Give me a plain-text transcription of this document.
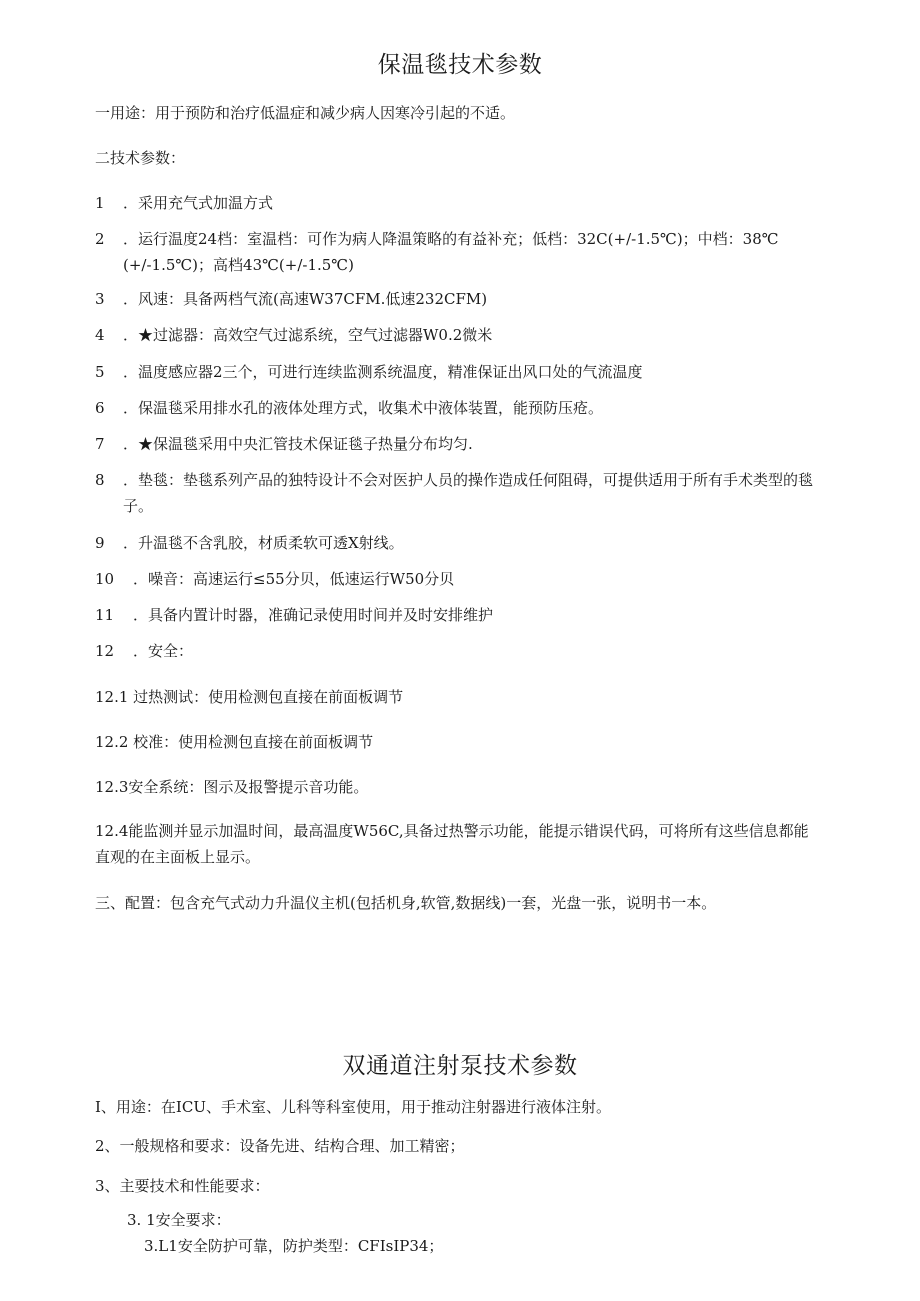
保温毯技术参数
一用途：用于预防和治疗低温症和减少病人因寒冷引起的不适。
二技术参数：
1 ．采用充气式加温方式
2 ．运行温度24档：室温档：可作为病人降温策略的有益补充；低档：32C(+/-1.5℃)；中档：38℃(+/-1.5℃)；高档43℃(+/-1.5℃)
3 ．风速：具备两档气流(高速W37CFM.低速232CFM)
4 ．★过滤器：高效空气过滤系统，空气过滤器W0.2微米
5 ．温度感应器2三个，可进行连续监测系统温度，精准保证出风口处的气流温度
6 ．保温毯采用排水孔的液体处理方式，收集术中液体装置，能预防压疮。
7 ．★保温毯采用中央汇管技术保证毯子热量分布均匀.
8 ．垫毯：垫毯系列产品的独特设计不会对医护人员的操作造成任何阻碍，可提供适用于所有手术类型的毯子。
9 ．升温毯不含乳胶，材质柔软可透X射线。
10 ．噪音：高速运行≤55分贝，低速运行W50分贝
11 ．具备内置计时器，准确记录使用时间并及时安排维护
12 ．安全：
12.1 过热测试：使用检测包直接在前面板调节
12.2 校准：使用检测包直接在前面板调节
12.3安全系统：图示及报警提示音功能。
12.4能监测并显示加温时间，最高温度W56C,具备过热警示功能，能提示错误代码，可将所有这些信息都能直观的在主面板上显示。
三、配置：包含充气式动力升温仪主机(包括机身,软管,数据线)一套，光盘一张，说明书一本。
双通道注射泵技术参数
I、用途：在ICU、手术室、儿科等科室使用，用于推动注射器进行液体注射。
2、一般规格和要求：设备先进、结构合理、加工精密；
3、主要技术和性能要求：
3. 1安全要求：
3.L1安全防护可靠，防护类型：CFIsIP34；
